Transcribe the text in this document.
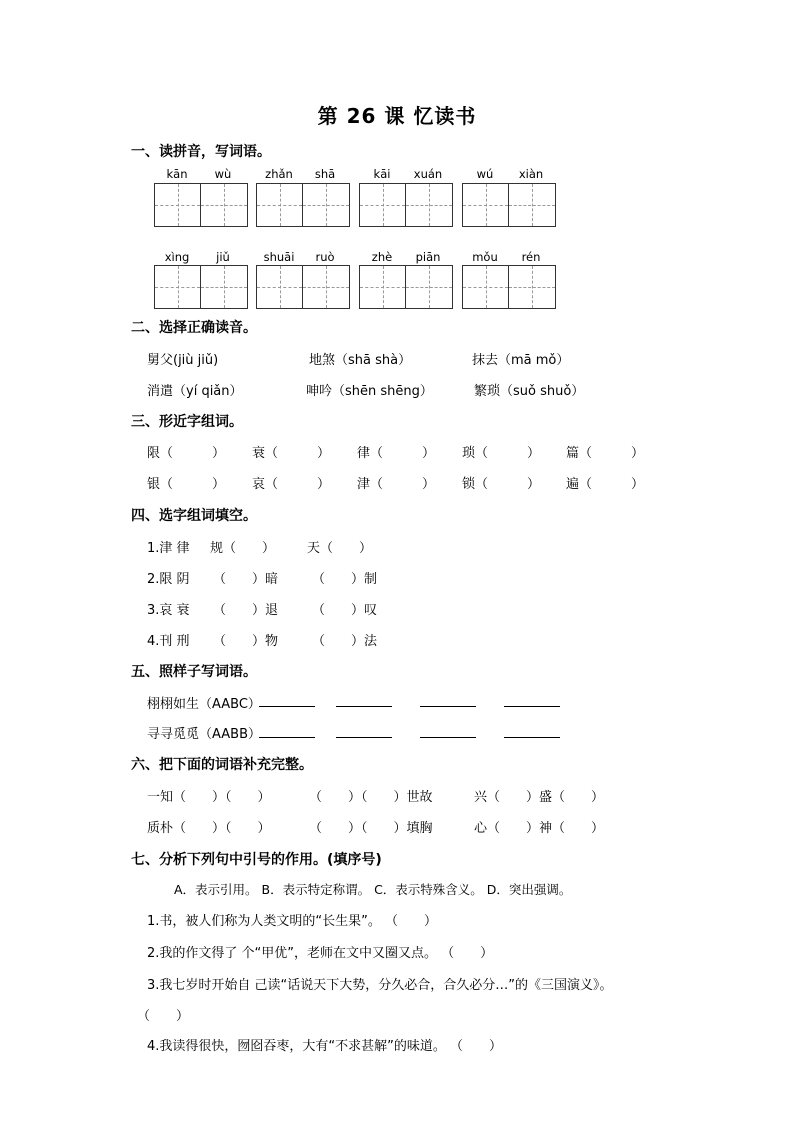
第 26 课 忆读书
一、读拼音，写词语。
kān	wù	zhǎn	shā	kāi	xuán	wú	xiàn
xìng	jiǔ	shuāi	ruò	zhè	piān	mǒu	rén
二、选择正确读音。
舅父(jiù jiǔ)	地煞（shā shà）	抹去（mā mǒ）
消遣（yí qiǎn）	呻吟（shēn shēng）	繁琐（suǒ shuǒ）
三、形近字组词。
限（　　　） 衰（　　　） 律（　　　） 琐（　　　） 篇（　　　）
银（　　　） 哀（　　　） 津（　　　） 锁（　　　） 遍（　　　）
四、选字组词填空。
1.津 律 规（　　） 天（　　）
2.限 阴 （　　）暗	（　　）制
3.哀 衰 （　　）退	（　　）叹
4.刊 刑 （　　）物	（　　）法
五、照样子写词语。
栩栩如生（AABC）
寻寻觅觅（AABB）
六、把下面的词语补充完整。
一知（　　）（　　）	（　　）（　　）世故	兴（　　）盛（　　）
质朴（　　）（　　）	（　　）（　　）填胸	心（　　）神（　　）
七、分析下列句中引号的作用。(填序号)
A．表示引用。 B．表示特定称谓。 C．表示特殊含义。 D．突出强调。
1.书，被人们称为人类文明的“长生果”。 （　　）
2.我的作文得了 个“甲优”，老师在文中又圈又点。 （　　）
3.我七岁时开始自 己读“话说天下大势，分久必合，合久必分…”的《三国演义》。
（　　）
4.我读得很快，囫囵吞枣，大有“不求甚解”的味道。 （　　）
